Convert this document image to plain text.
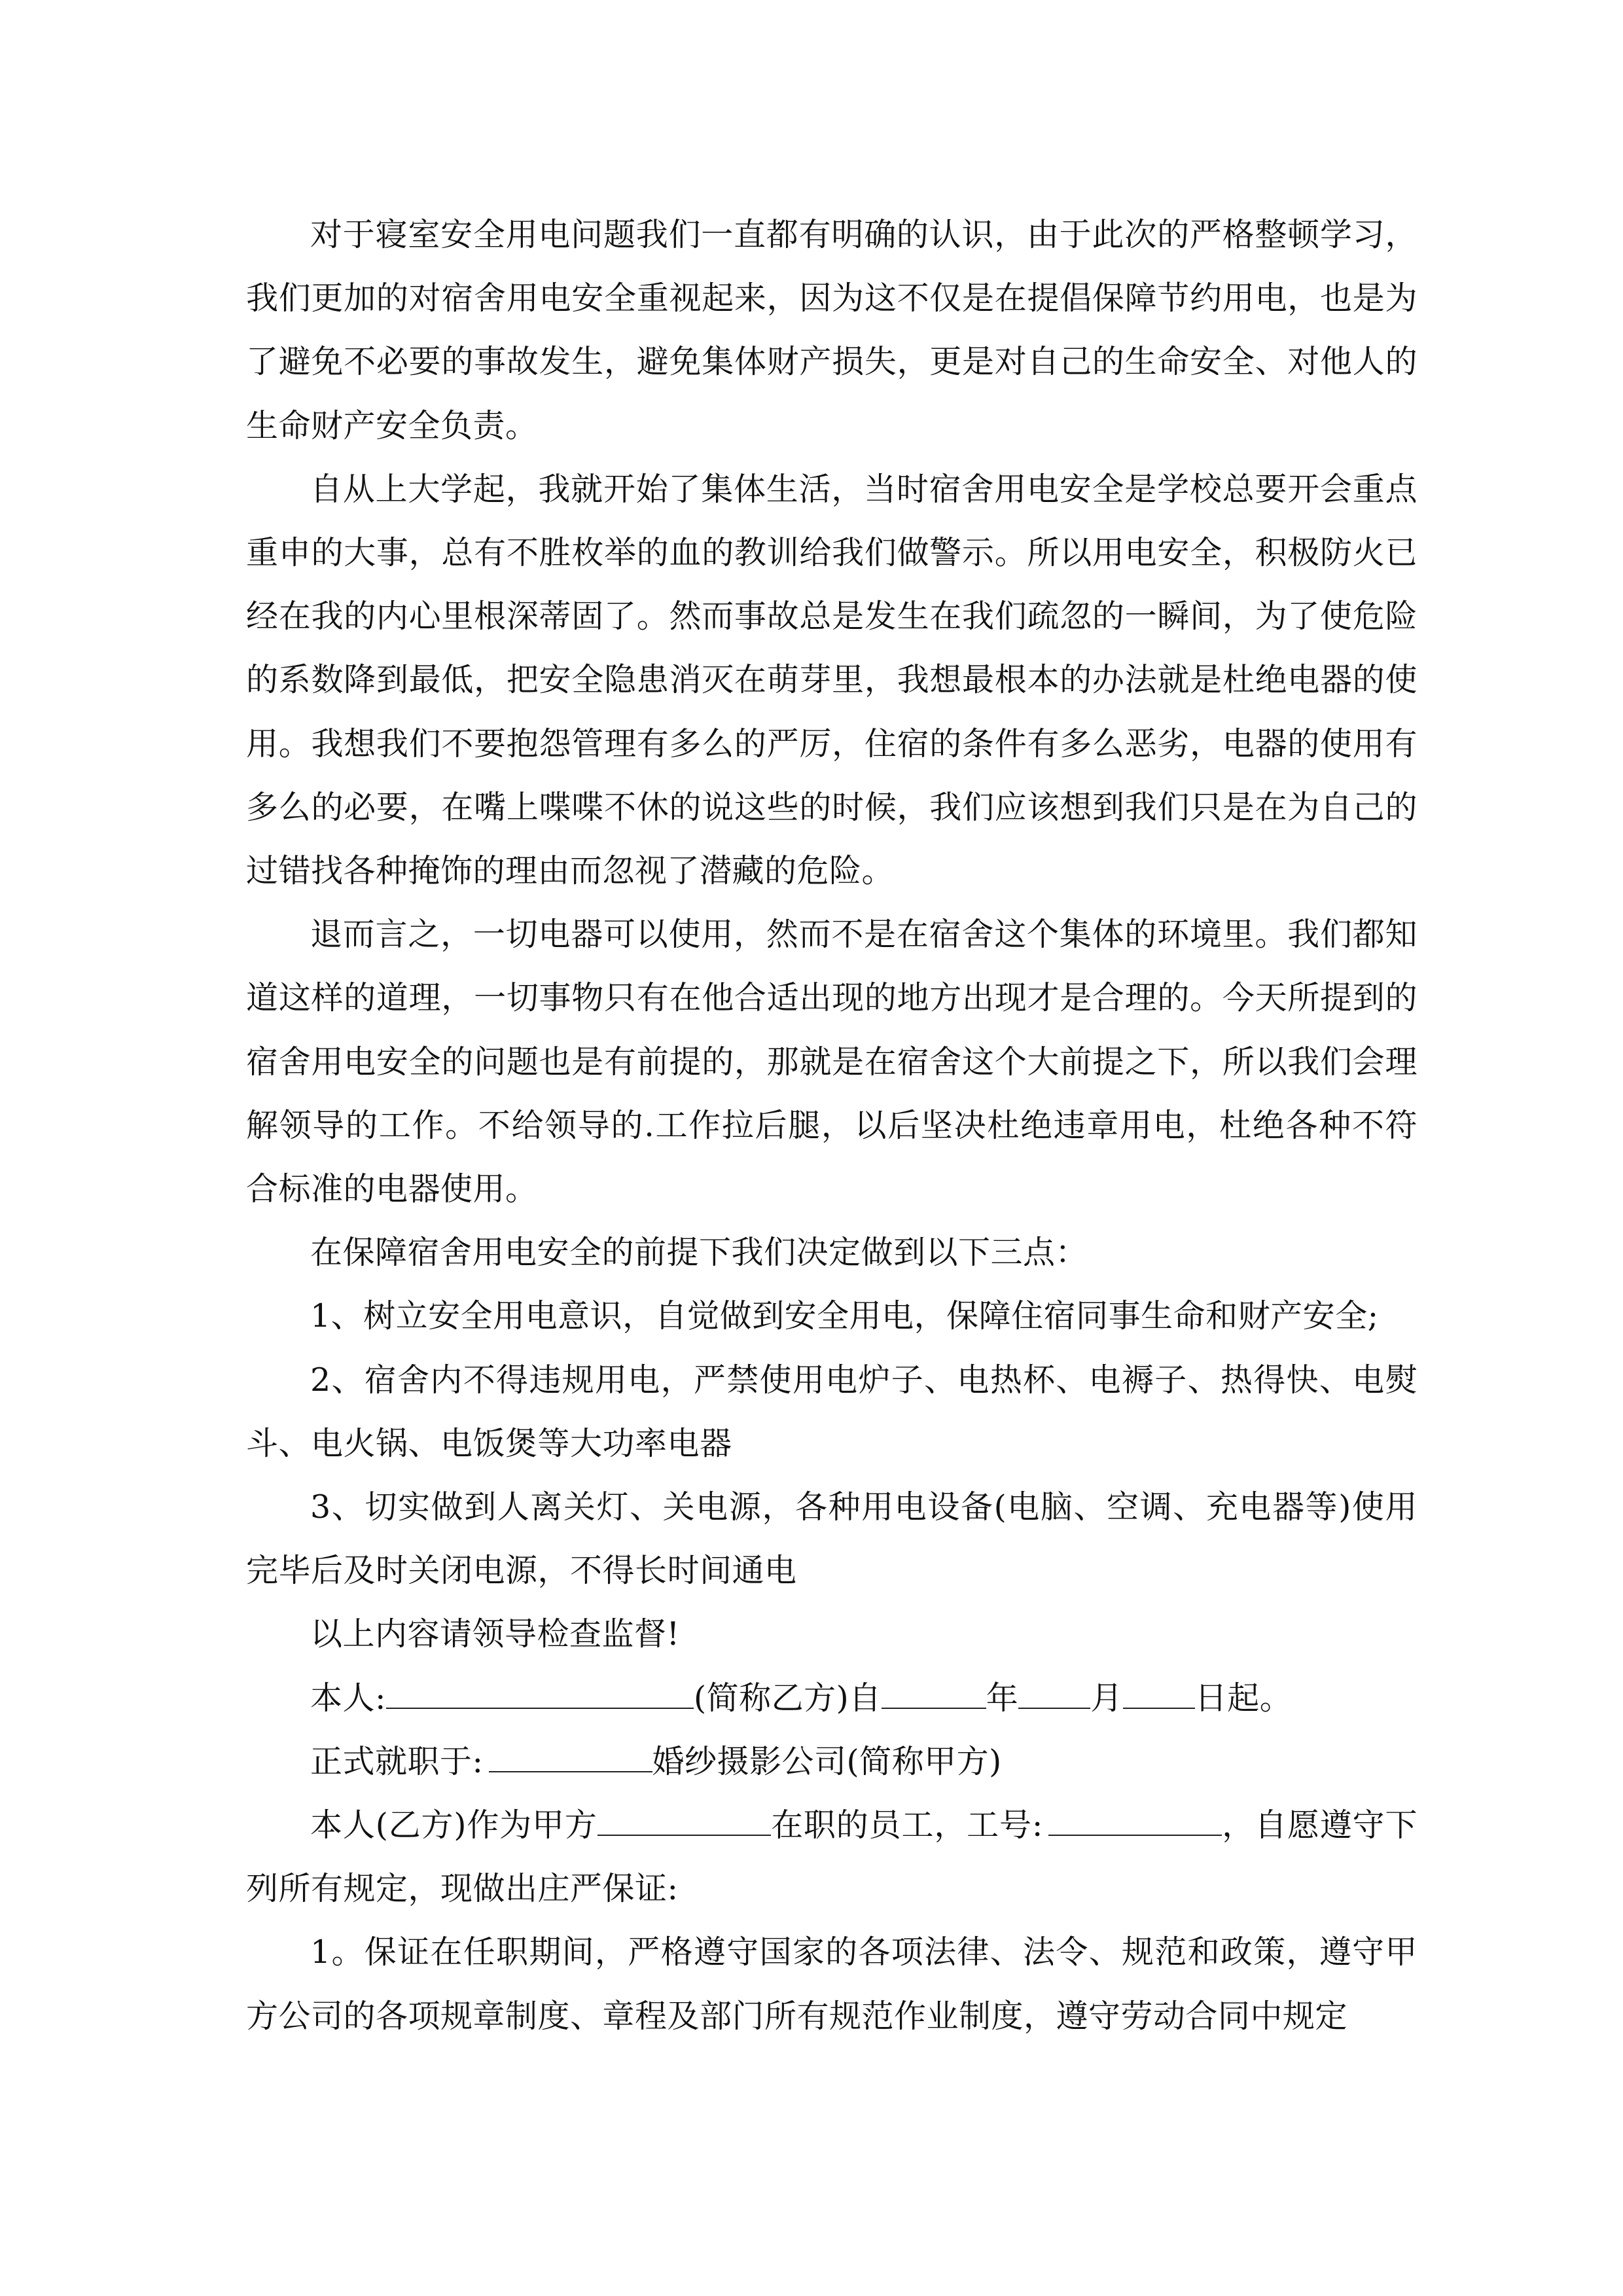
对于寝室安全用电问题我们一直都有明确的认识，由于此次的严格整顿学习，我们更加的对宿舍用电安全重视起来，因为这不仅是在提倡保障节约用电，也是为了避免不必要的事故发生，避免集体财产损失，更是对自己的生命安全、对他人的生命财产安全负责。

自从上大学起，我就开始了集体生活，当时宿舍用电安全是学校总要开会重点重申的大事，总有不胜枚举的血的教训给我们做警示。所以用电安全，积极防火已经在我的内心里根深蒂固了。然而事故总是发生在我们疏忽的一瞬间，为了使危险的系数降到最低，把安全隐患消灭在萌芽里，我想最根本的办法就是杜绝电器的使用。我想我们不要抱怨管理有多么的严厉，住宿的条件有多么恶劣，电器的使用有多么的必要，在嘴上喋喋不休的说这些的时候，我们应该想到我们只是在为自己的过错找各种掩饰的理由而忽视了潜藏的危险。

退而言之，一切电器可以使用，然而不是在宿舍这个集体的环境里。我们都知道这样的道理，一切事物只有在他合适出现的地方出现才是合理的。今天所提到的宿舍用电安全的问题也是有前提的，那就是在宿舍这个大前提之下，所以我们会理解领导的工作。不给领导的.工作拉后腿，以后坚决杜绝违章用电，杜绝各种不符合标准的电器使用。

在保障宿舍用电安全的前提下我们决定做到以下三点：

1、树立安全用电意识，自觉做到安全用电，保障住宿同事生命和财产安全;

2、宿舍内不得违规用电，严禁使用电炉子、电热杯、电褥子、热得快、电熨斗、电火锅、电饭煲等大功率电器

3、切实做到人离关灯、关电源，各种用电设备(电脑、空调、充电器等)使用完毕后及时关闭电源，不得长时间通电

以上内容请领导检查监督!

本人:	(简称乙方)自	年 月 日起。

正式就职于:	婚纱摄影公司(简称甲方)

本人(乙方)作为甲方	在职的员工，工号:	，自愿遵守下列所有规定，现做出庄严保证:

1。保证在任职期间，严格遵守国家的各项法律、法令、规范和政策，遵守甲方公司的各项规章制度、章程及部门所有规范作业制度，遵守劳动合同中规定
